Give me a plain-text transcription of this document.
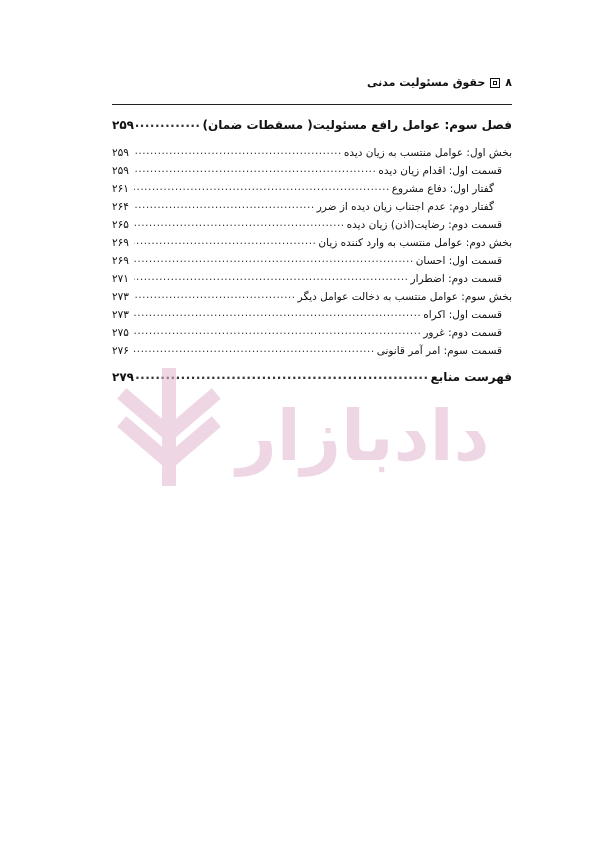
۸
حقوق مسئولیت مدنی
فصل سوم: عوامل رافع مسئولیت( مسقطات ضمان)
.....
۲۵۹
بخش اول: عوامل منتسب به زیان دیده
.....
۲۵۹
قسمت اول: اقدام زیان دیده
.....
۲۵۹
گفتار اول: دفاع مشروع
.....
۲۶۱
گفتار دوم: عدم اجتناب زیان دیده از ضرر
.....
۲۶۴
قسمت دوم: رضایت(اذن) زیان دیده
.....
۲۶۵
بخش دوم: عوامل منتسب به وارد کننده زیان
.....
۲۶۹
قسمت اول: احسان
.....
۲۶۹
قسمت دوم: اضطرار
.....
۲۷۱
بخش سوم: عوامل منتسب به دخالت عوامل دیگر
.....
۲۷۳
قسمت اول: اکراه
.....
۲۷۳
قسمت دوم: غرور
.....
۲۷۵
قسمت سوم: امر آمر قانونی
.....
۲۷۶
فهرست منابع
.....
۲۷۹
دادبازار
